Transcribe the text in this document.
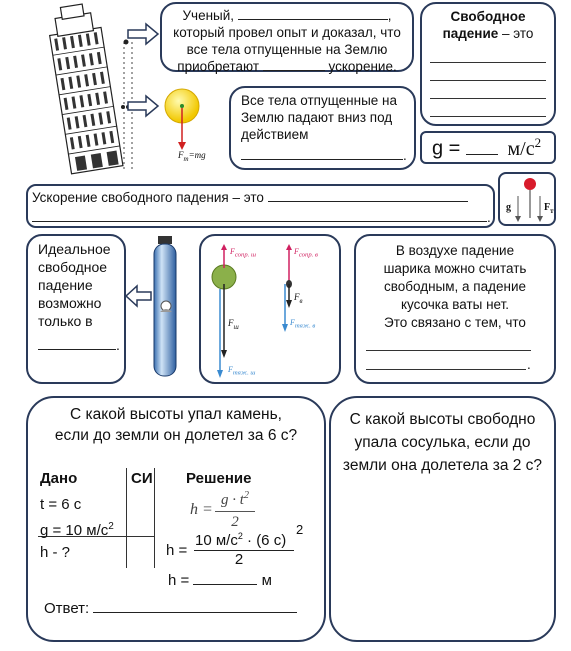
Ученый,	,
который провел опыт и доказал, что
все тела отпущенные на Землю
приобретают	ускорение.
Свободное
падение – это
$F_т=mg$
Все тела отпущенные на
Землю падают вниз под
действием
.	$g = м/с^2$
Ускорение свободного падения – это
.
g	$F_т$
Идеальное
свободное
падение
возможно
только в
.
$F_{сопр. ш}$
$F_ш$
$F_{тяж. ш}$
$F_{сопр. в}$
$F_в$
$F_{тяж. в}$
В воздухе падение
шарика можно считать
свободным, а падение
кусочка ваты нет.
Это связано с тем, что
.
С какой высоты упал камень,
если до земли он долетел за 6 с?
Дано	СИ Решение
t = 6 с
g = 10 $м/с^2$
h - ?
h =
$g \cdot t^2$
2
h =
10 $м/с^2 \cdot (6$ с)
2
2
h =	м
Ответ:
С какой высоты свободно
упала сосулька, если до
земли она долетела за 2 с?
